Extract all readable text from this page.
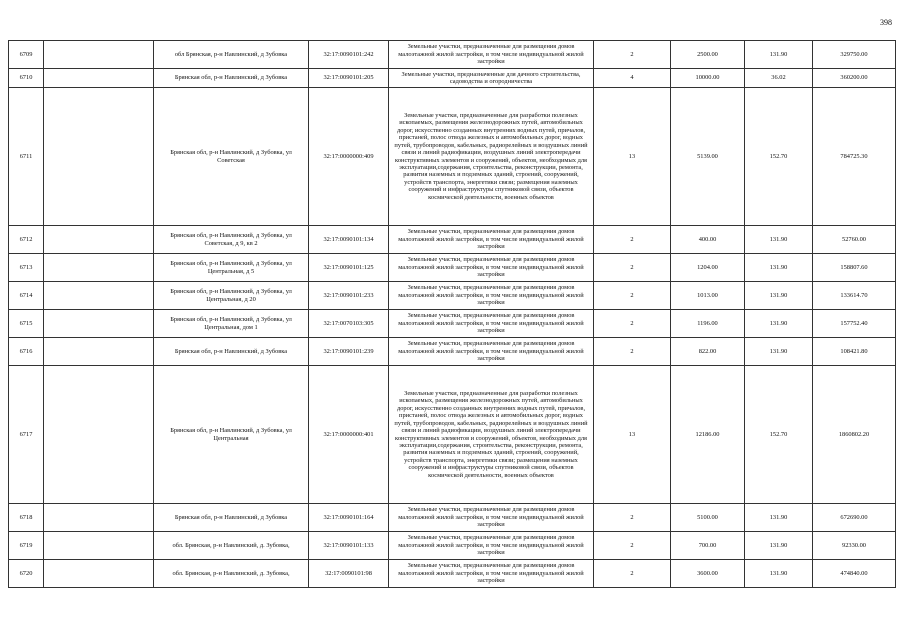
398
6709		обл Брянская, р-н Навлинский, д Зубовка	32:17:0090101:242	Земельные участки, предназначенные для размещения домов малоэтажной жилой застройки, в том числе индивидуальной жилой застройки	2	2500.00	131.90	329750.00
6710		Брянская обл, р-н Навлинский, д Зубовка	32:17:0090101:205	Земельные участки, предназначенные для дачного строительства, садоводства и огородничества	4	10000.00	36.02	360200.00
6711		Брянская обл, р-н Навлинский, д Зубовка, ул Советская	32:17:0000000:409	Земельные участки, предназначенные для разработки полезных ископаемых, размещения железнодорожных путей, автомобильных дорог, искусственно созданных внутренних водных путей, причалов, пристаней, полос отвода железных и автомобильных дорог, водных путей, трубопроводов, кабельных, радиорелейных и воздушных линий связи и линий радиофикации, воздушных линий электропередачи конструктивных элементов и сооружений, объектов, необходимых для эксплуатации,содержания, строительства, реконструкции, ремонта, развития наземных и подземных зданий, строений, сооружений, устройств транспорта, энергетики связи; размещения наземных сооружений и инфраструктуры спутниковой связи, объектов космической деятельности, военных объектов	13	5139.00	152.70	784725.30
6712		Брянская обл, р-н Навлинский, д Зубовка, ул Советская, д 9, кв 2	32:17:0090101:134	Земельные участки, предназначенные для размещения домов малоэтажной жилой застройки, в том числе индивидуальной жилой застройки	2	400.00	131.90	52760.00
6713		Брянская обл, р-н Навлинский, д Зубовка, ул Центральная, д 5	32:17:0090101:125	Земельные участки, предназначенные для размещения домов малоэтажной жилой застройки, в том числе индивидуальной жилой застройки	2	1204.00	131.90	158807.60
6714		Брянская обл, р-н Навлинский, д Зубовка, ул Центральная, д 20	32:17:0090101:233	Земельные участки, предназначенные для размещения домов малоэтажной жилой застройки, в том числе индивидуальной жилой застройки	2	1013.00	131.90	133614.70
6715		Брянская обл, р-н Навлинский, д Зубовка, ул Центральная, дом 1	32:17:0070103:305	Земельные участки, предназначенные для размещения домов малоэтажной жилой застройки, в том числе индивидуальной жилой застройки	2	1196.00	131.90	157752.40
6716		Брянская обл, р-н Навлинский, д Зубовка	32:17:0090101:239	Земельные участки, предназначенные для размещения домов малоэтажной жилой застройки, в том числе индивидуальной жилой застройки	2	822.00	131.90	108421.80
6717		Брянская обл, р-н Навлинский, д Зубовка, ул Центральная	32:17:0000000:401	Земельные участки, предназначенные для разработки полезных ископаемых, размещения железнодорожных путей, автомобильных дорог, искусственно созданных внутренних водных путей, причалов, пристаней, полос отвода железных и автомобильных дорог, водных путей, трубопроводов, кабельных, радиорелейных и воздушных линий связи и линий радиофикации, воздушных линий электропередачи конструктивных элементов и сооружений, объектов, необходимых для эксплуатации,содержания, строительства, реконструкции, ремонта, развития наземных и подземных зданий, строений, сооружений, устройств транспорта, энергетики связи; размещения наземных сооружений и инфраструктуры спутниковой связи, объектов космической деятельности, военных объектов	13	12186.00	152.70	1860802.20
6718		Брянская обл, р-н Навлинский, д Зубовка	32:17:0090101:164	Земельные участки, предназначенные для размещения домов малоэтажной жилой застройки, в том числе индивидуальной жилой застройки	2	5100.00	131.90	672690.00
6719		обл. Брянская, р-н Навлинский, д. Зубовка,	32:17:0090101:133	Земельные участки, предназначенные для размещения домов малоэтажной жилой застройки, в том числе индивидуальной жилой застройки	2	700.00	131.90	92330.00
6720		обл. Брянская, р-н Навлинский, д. Зубовка,	32:17:0090101:98	Земельные участки, предназначенные для размещения домов малоэтажной жилой застройки, в том числе индивидуальной жилой застройки	2	3600.00	131.90	474840.00
